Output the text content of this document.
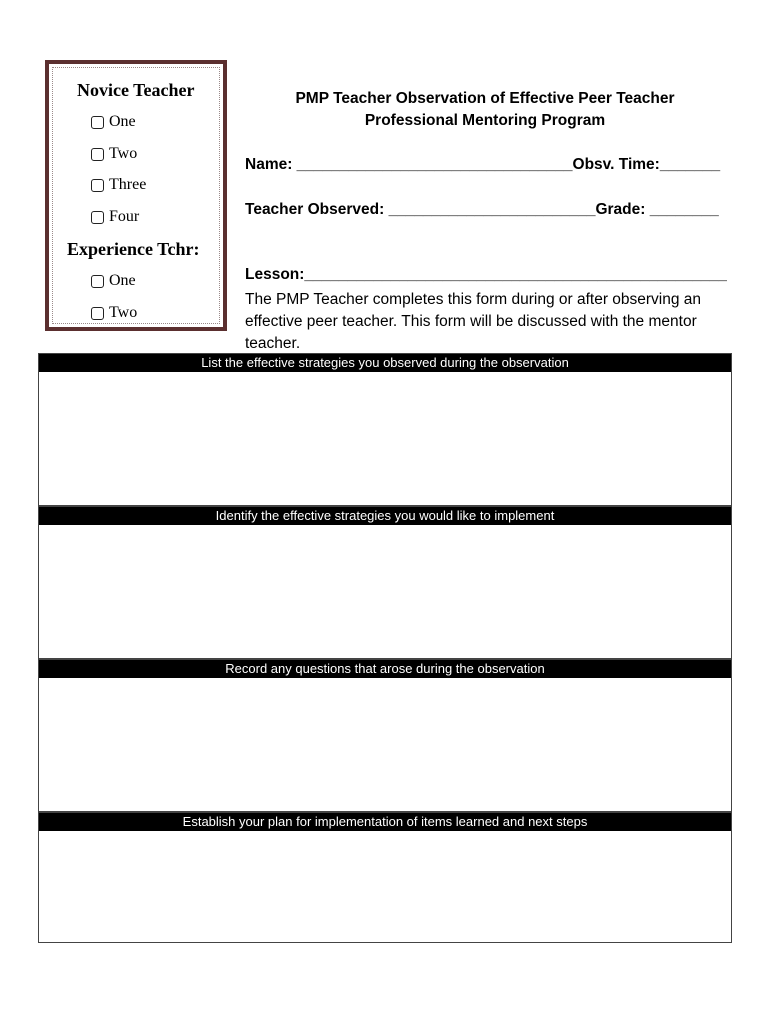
Novice Teacher
One
Two
Three
Four
Experience Tchr:
One
Two
PMP Teacher Observation of Effective Peer Teacher
Professional Mentoring Program
Name: ________________________________Obsv. Time:_______
Teacher Observed: ________________________Grade: ________
Lesson:_________________________________________________
The PMP Teacher completes this form during or after observing an effective peer teacher. This form will be discussed with the mentor teacher.
List the effective strategies you observed during the observation
Identify the effective strategies you would like to implement
Record any questions that arose during the observation
Establish your plan for implementation of items learned and next steps
